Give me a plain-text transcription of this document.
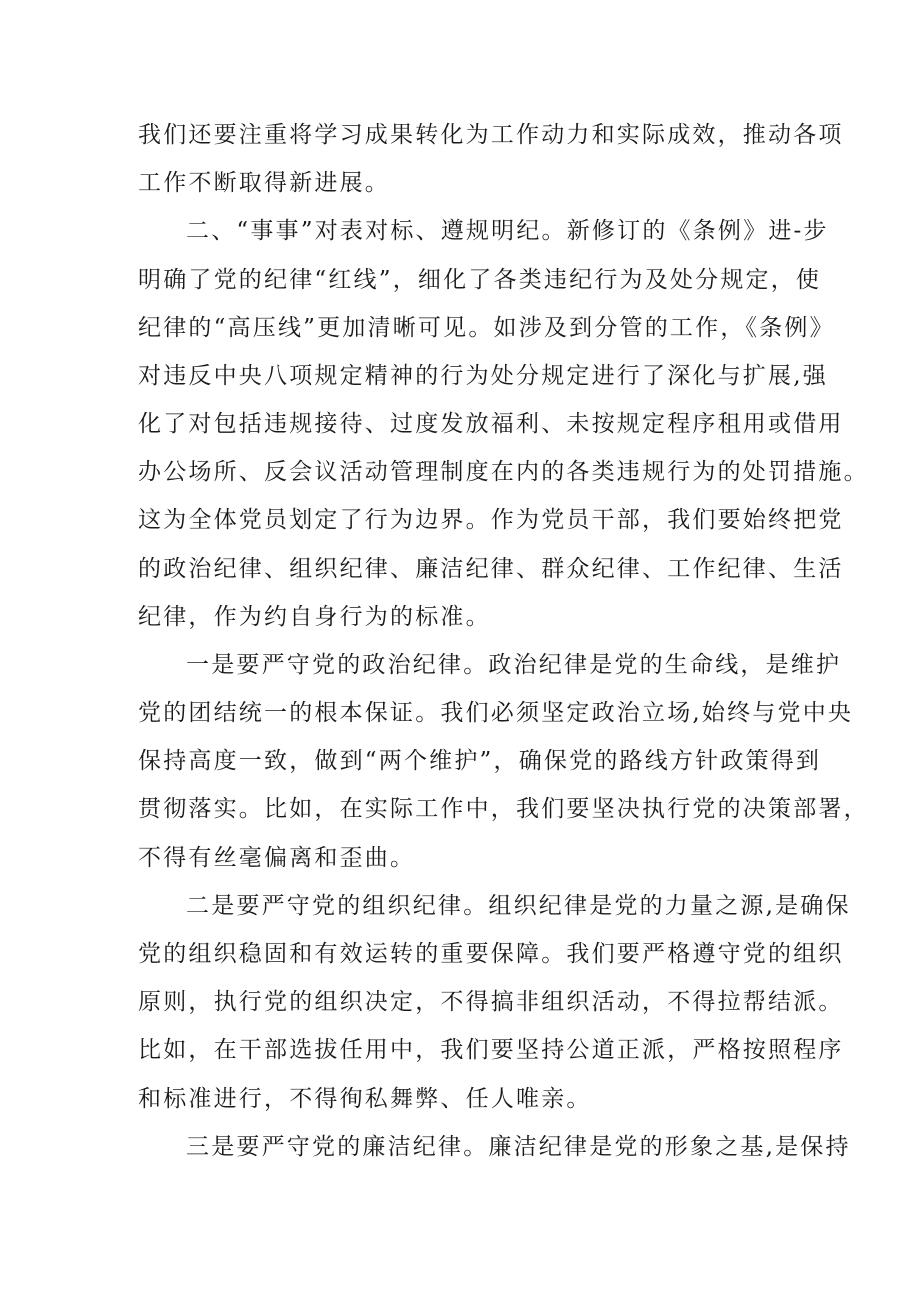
我们还要注重将学习成果转化为工作动力和实际成效，推动各项
工作不断取得新进展。
二、“事事”对表对标、遵规明纪。新修订的《条例》进-步
明确了党的纪律“红线”，细化了各类违纪行为及处分规定，使
纪律的“高压线”更加清晰可见。如涉及到分管的工作，《条例》
对违反中央八项规定精神的行为处分规定进行了深化与扩展,强
化了对包括违规接待、过度发放福利、未按规定程序租用或借用
办公场所、反会议活动管理制度在内的各类违规行为的处罚措施。
这为全体党员划定了行为边界。作为党员干部，我们要始终把党
的政治纪律、组织纪律、廉洁纪律、群众纪律、工作纪律、生活
纪律，作为约自身行为的标准。
一是要严守党的政治纪律。政治纪律是党的生命线，是维护
党的团结统一的根本保证。我们必须坚定政治立场,始终与党中央
保持高度一致，做到“两个维护”，确保党的路线方针政策得到
贯彻落实。比如，在实际工作中，我们要坚决执行党的决策部署，
不得有丝毫偏离和歪曲。
二是要严守党的组织纪律。组织纪律是党的力量之源,是确保
党的组织稳固和有效运转的重要保障。我们要严格遵守党的组织
原则，执行党的组织决定，不得搞非组织活动，不得拉帮结派。
比如，在干部选拔任用中，我们要坚持公道正派，严格按照程序
和标准进行，不得徇私舞弊、任人唯亲。
三是要严守党的廉洁纪律。廉洁纪律是党的形象之基,是保持
